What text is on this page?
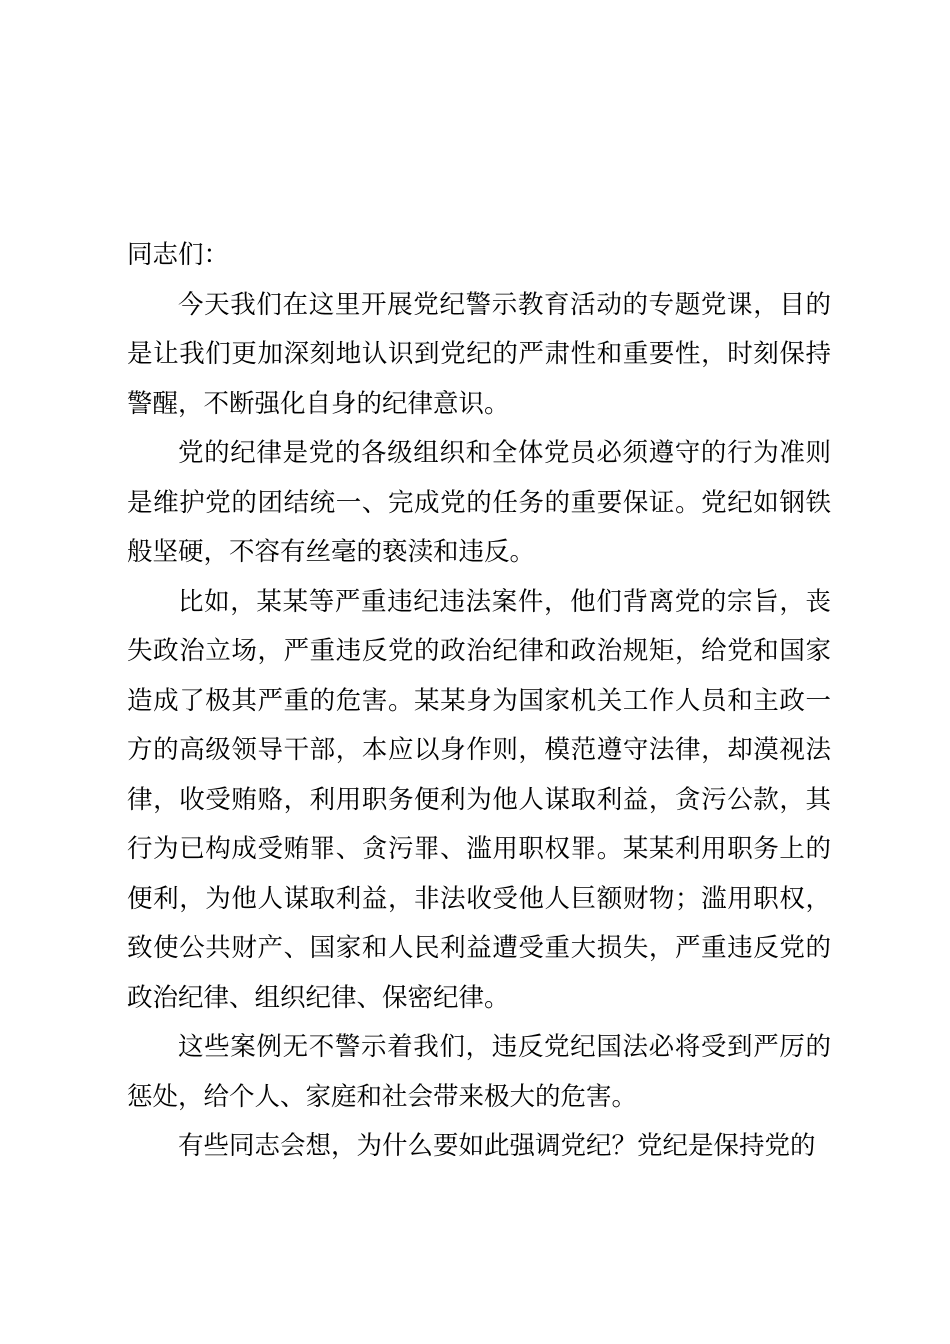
同志们：

今天我们在这里开展党纪警示教育活动的专题党课，目的是让我们更加深刻地认识到党纪的严肃性和重要性，时刻保持警醒，不断强化自身的纪律意识。

党的纪律是党的各级组织和全体党员必须遵守的行为准则是维护党的团结统一、完成党的任务的重要保证。党纪如钢铁般坚硬，不容有丝毫的亵渎和违反。

比如，某某等严重违纪违法案件，他们背离党的宗旨，丧失政治立场，严重违反党的政治纪律和政治规矩，给党和国家造成了极其严重的危害。某某身为国家机关工作人员和主政一方的高级领导干部，本应以身作则，模范遵守法律，却漠视法律，收受贿赂，利用职务便利为他人谋取利益，贪污公款，其行为已构成受贿罪、贪污罪、滥用职权罪。某某利用职务上的便利，为他人谋取利益，非法收受他人巨额财物；滥用职权，致使公共财产、国家和人民利益遭受重大损失，严重违反党的政治纪律、组织纪律、保密纪律。

这些案例无不警示着我们，违反党纪国法必将受到严厉的惩处，给个人、家庭和社会带来极大的危害。

有些同志会想，为什么要如此强调党纪？党纪是保持党的
